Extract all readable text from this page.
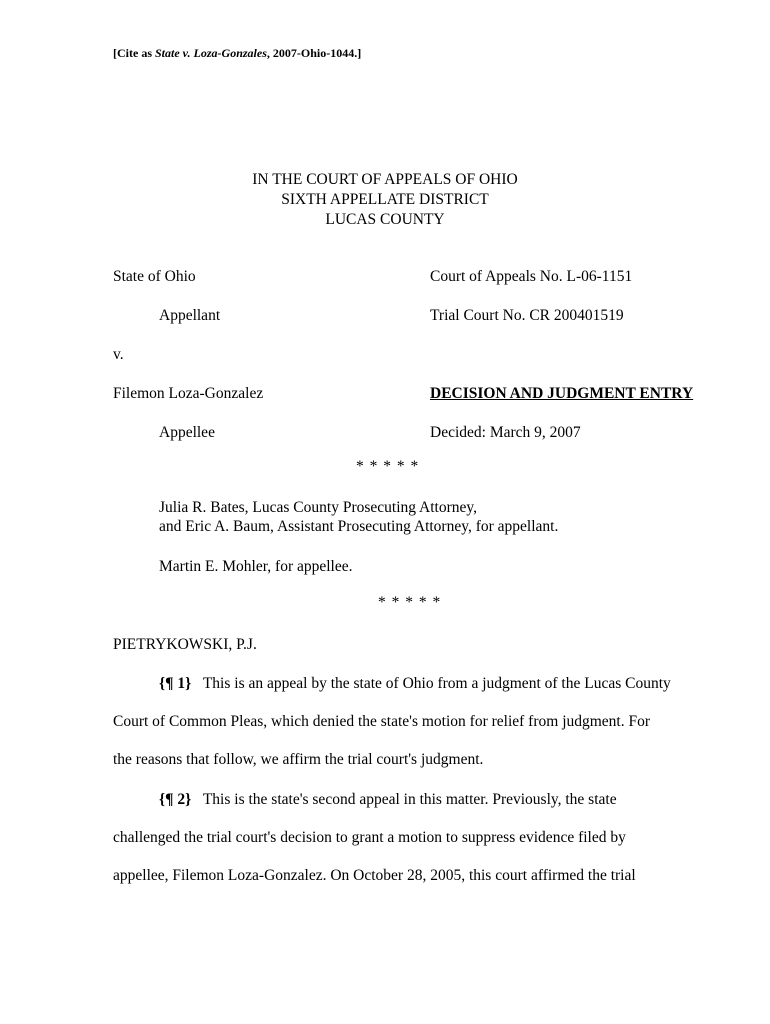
[Cite as State v. Loza-Gonzales, 2007-Ohio-1044.]
IN THE COURT OF APPEALS OF OHIO
SIXTH APPELLATE DISTRICT
LUCAS COUNTY
State of Ohio
Appellant
v.
Filemon Loza-Gonzalez
Appellee
Court of Appeals No. L-06-1151
Trial Court No. CR 200401519
DECISION AND JUDGMENT ENTRY
Decided: March 9, 2007
* * * * *
Julia R. Bates, Lucas County Prosecuting Attorney,
and Eric A. Baum, Assistant Prosecuting Attorney, for appellant.
Martin E. Mohler, for appellee.
* * * * *
PIETRYKOWSKI, P.J.
{¶ 1} This is an appeal by the state of Ohio from a judgment of the Lucas County
Court of Common Pleas, which denied the state's motion for relief from judgment. For
the reasons that follow, we affirm the trial court's judgment.
{¶ 2} This is the state's second appeal in this matter. Previously, the state
challenged the trial court's decision to grant a motion to suppress evidence filed by
appellee, Filemon Loza-Gonzalez. On October 28, 2005, this court affirmed the trial
